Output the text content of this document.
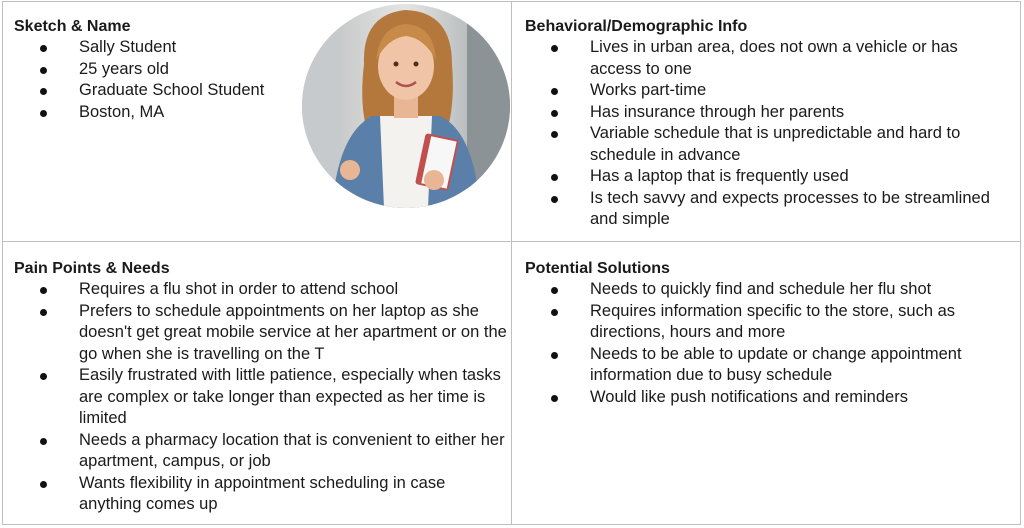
Sketch & Name
Sally Student
25 years old
Graduate School Student
Boston, MA
Behavioral/Demographic Info
Lives in urban area, does not own a vehicle or has access to one
Works part-time
Has insurance through her parents
Variable schedule that is unpredictable and hard to schedule in advance
Has a laptop that is frequently used
Is tech savvy and expects processes to be streamlined and simple
Pain Points & Needs
Requires a flu shot in order to attend school
Prefers to schedule appointments on her laptop as she doesn't get great mobile service at her apartment or on the go when she is travelling on the T
Easily frustrated with little patience, especially when tasks are complex or take longer than expected as her time is limited
Needs a pharmacy location that is convenient to either her apartment, campus, or job
Wants flexibility in appointment scheduling in case anything comes up
Potential Solutions
Needs to quickly find and schedule her flu shot
Requires information specific to the store, such as directions, hours and more
Needs to be able to update or change appointment information due to busy schedule
Would like push notifications and reminders
